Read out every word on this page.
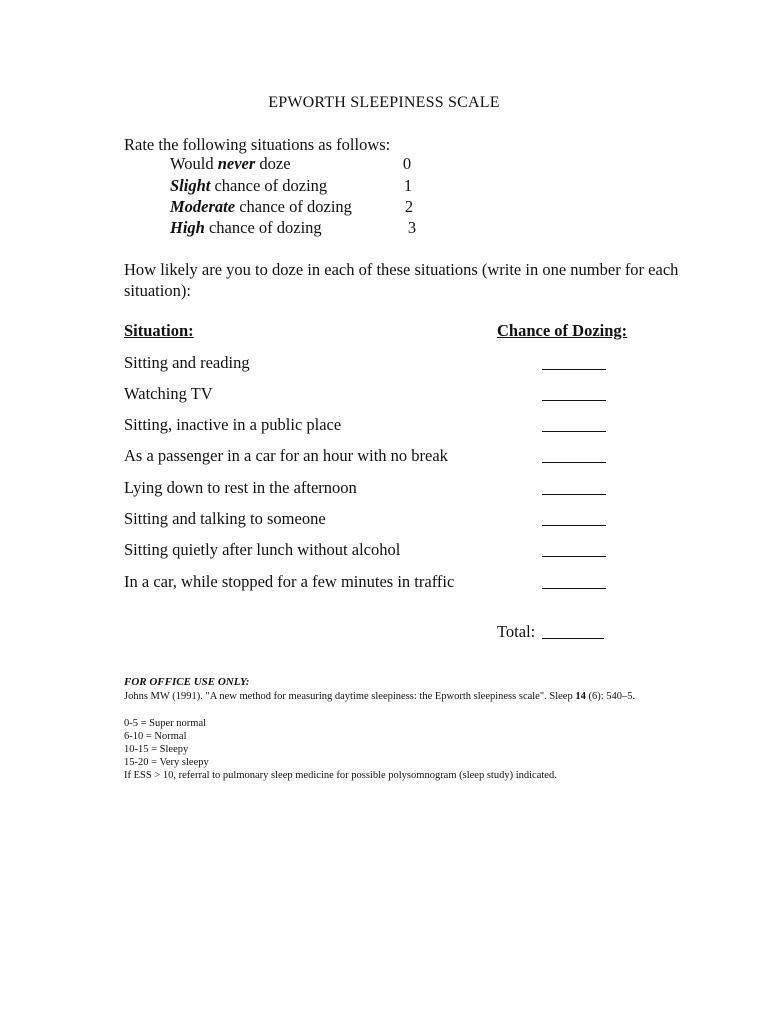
EPWORTH SLEEPINESS SCALE
Rate the following situations as follows:
Would never doze	0
Slight chance of dozing	1
Moderate chance of dozing	2
High chance of dozing	3
How likely are you to doze in each of these situations (write in one number for each situation):
Situation:	Chance of Dozing:
Sitting and reading
Watching TV
Sitting, inactive in a public place
As a passenger in a car for an hour with no break
Lying down to rest in the afternoon
Sitting and talking to someone
Sitting quietly after lunch without alcohol
In a car, while stopped for a few minutes in traffic
Total:
FOR OFFICE USE ONLY:
Johns MW (1991). "A new method for measuring daytime sleepiness: the Epworth sleepiness scale". Sleep 14 (6): 540–5.
0-5 = Super normal
6-10 = Normal
10-15 = Sleepy
15-20 = Very sleepy
If ESS > 10, referral to pulmonary sleep medicine for possible polysomnogram (sleep study) indicated.
